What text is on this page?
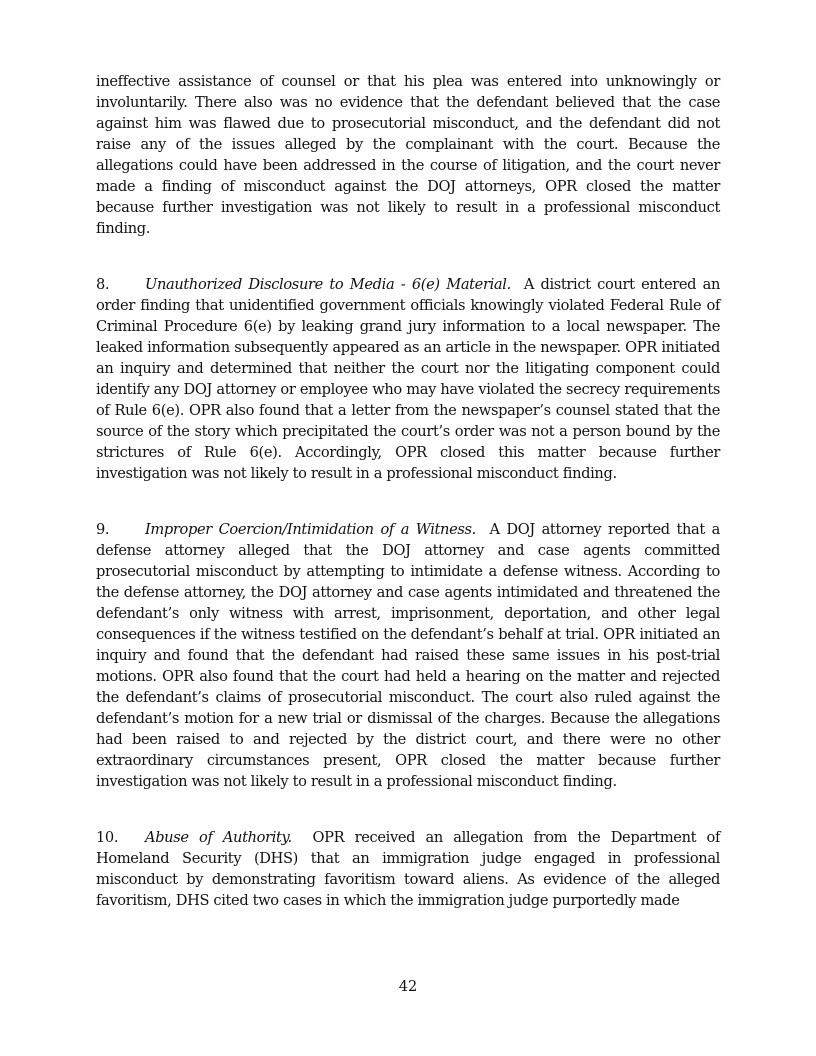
ineffective assistance of counsel or that his plea was entered into unknowingly or involuntarily. There also was no evidence that the defendant believed that the case against him was flawed due to prosecutorial misconduct, and the defendant did not raise any of the issues alleged by the complainant with the court. Because the allegations could have been addressed in the course of litigation, and the court never made a finding of misconduct against the DOJ attorneys, OPR closed the matter because further investigation was not likely to result in a professional misconduct finding.

8. Unauthorized Disclosure to Media - 6(e) Material. A district court entered an order finding that unidentified government officials knowingly violated Federal Rule of Criminal Procedure 6(e) by leaking grand jury information to a local newspaper. The leaked information subsequently appeared as an article in the newspaper. OPR initiated an inquiry and determined that neither the court nor the litigating component could identify any DOJ attorney or employee who may have violated the secrecy requirements of Rule 6(e). OPR also found that a letter from the newspaper’s counsel stated that the source of the story which precipitated the court’s order was not a person bound by the strictures of Rule 6(e). Accordingly, OPR closed this matter because further investigation was not likely to result in a professional misconduct finding.

9. Improper Coercion/Intimidation of a Witness. A DOJ attorney reported that a defense attorney alleged that the DOJ attorney and case agents committed prosecutorial misconduct by attempting to intimidate a defense witness. According to the defense attorney, the DOJ attorney and case agents intimidated and threatened the defendant’s only witness with arrest, imprisonment, deportation, and other legal consequences if the witness testified on the defendant’s behalf at trial. OPR initiated an inquiry and found that the defendant had raised these same issues in his post-trial motions. OPR also found that the court had held a hearing on the matter and rejected the defendant’s claims of prosecutorial misconduct. The court also ruled against the defendant’s motion for a new trial or dismissal of the charges. Because the allegations had been raised to and rejected by the district court, and there were no other extraordinary circumstances present, OPR closed the matter because further investigation was not likely to result in a professional misconduct finding.

10. Abuse of Authority. OPR received an allegation from the Department of Homeland Security (DHS) that an immigration judge engaged in professional misconduct by demonstrating favoritism toward aliens. As evidence of the alleged favoritism, DHS cited two cases in which the immigration judge purportedly made

42
